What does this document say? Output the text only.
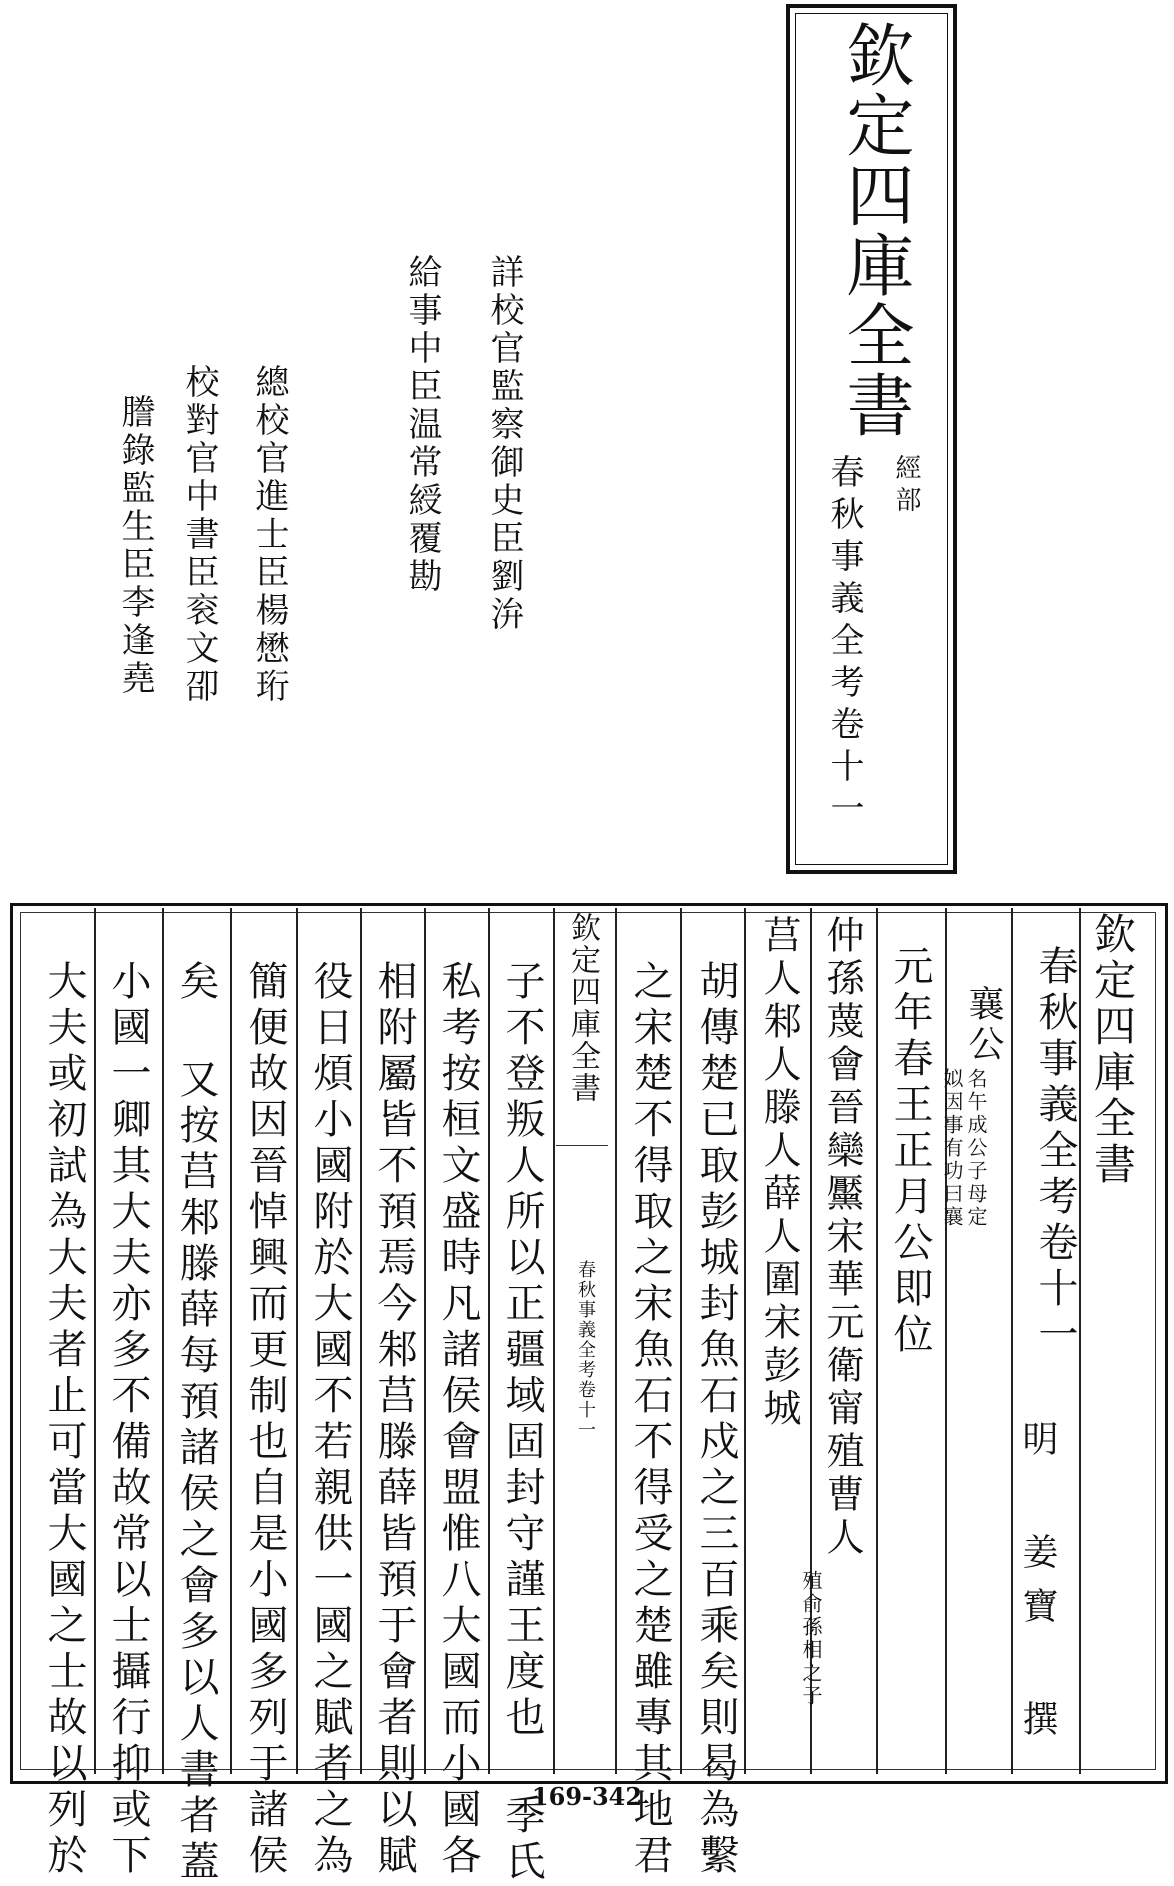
欽定四庫全書
經部
春秋事義全考卷十一
詳校官監察御史臣劉㳎
給事中臣温常綬覆勘
總校官進士臣楊懋珩
校對官中書臣衮文卲
謄錄監生臣李逢堯
欽定四庫全書
春秋事義全考卷十一
明 姜寶 撰
襄公
名午成公子母定
姒因事有功曰襄
元年春王正月公即位
仲孫蔑會晉欒黶宋華元衛甯殖曹人
殖俞孫相之子
莒人邾人滕人薛人圍宋彭城
胡傳楚已取彭城封魚石戍之三百乘矣則曷為繫
之宋楚不得取之宋魚石不得受之楚雖專其地君
欽定四庫全書
春秋事義全考卷十一
子不登叛人所以正疆域固封守謹王度也 季氏
私考按桓文盛時凡諸侯會盟惟八大國而小國各
相附屬皆不預焉今邾莒滕薛皆預于會者則以賦
役日煩小國附於大國不若親供一國之賦者之為
簡便故因晉悼興而更制也自是小國多列于諸侯
矣 又按莒邾滕薛每預諸侯之會多以人書者蓋
小國一卿其大夫亦多不備故常以士攝行抑或下
大夫或初試為大夫者止可當大國之士故以列於	169-342
